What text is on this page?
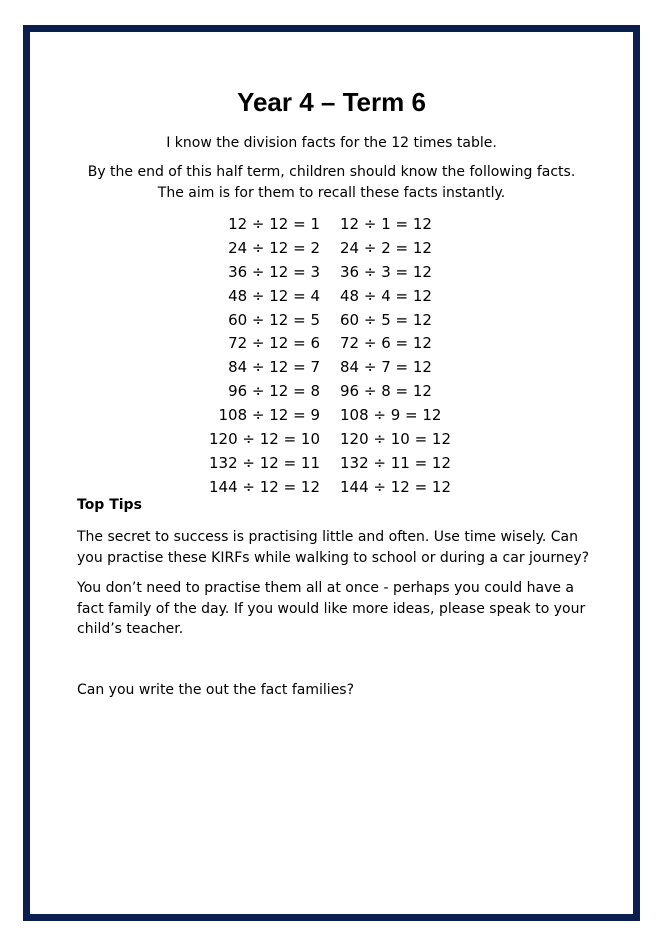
Year 4 – Term 6

I know the division facts for the 12 times table.

By the end of this half term, children should know the following facts.
The aim is for them to recall these facts instantly.

12 ÷ 12 = 1 12 ÷ 1 = 12
24 ÷ 12 = 2 24 ÷ 2 = 12
36 ÷ 12 = 3 36 ÷ 3 = 12
48 ÷ 12 = 4 48 ÷ 4 = 12
60 ÷ 12 = 5 60 ÷ 5 = 12
72 ÷ 12 = 6 72 ÷ 6 = 12
84 ÷ 12 = 7 84 ÷ 7 = 12
96 ÷ 12 = 8 96 ÷ 8 = 12
108 ÷ 12 = 9 108 ÷ 9 = 12
120 ÷ 12 = 10 120 ÷ 10 = 12
132 ÷ 12 = 11 132 ÷ 11 = 12
144 ÷ 12 = 12 144 ÷ 12 = 12

Top Tips

The secret to success is practising little and often. Use time wisely. Can you practise these KIRFs while walking to school or during a car journey?

You don’t need to practise them all at once - perhaps you could have a fact family of the day. If you would like more ideas, please speak to your child’s teacher.

Can you write the out the fact families?
